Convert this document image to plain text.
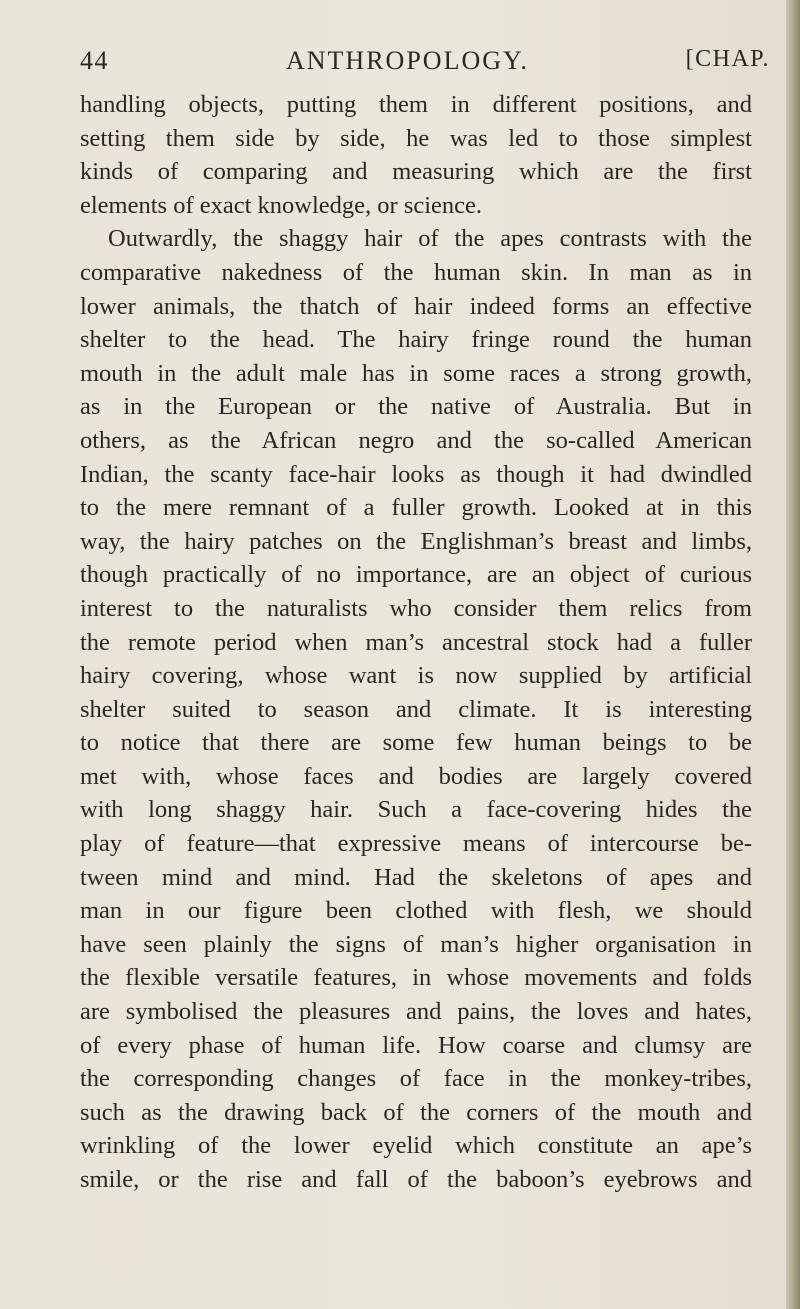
44	ANTHROPOLOGY.	[CHAP.
handling objects, putting them in different positions, and
setting them side by side, he was led to those simplest
kinds of comparing and measuring which are the first
elements of exact knowledge, or science.
Outwardly, the shaggy hair of the apes contrasts with the
comparative nakedness of the human skin. In man as in
lower animals, the thatch of hair indeed forms an effective
shelter to the head. The hairy fringe round the human
mouth in the adult male has in some races a strong growth,
as in the European or the native of Australia. But in
others, as the African negro and the so-called American
Indian, the scanty face-hair looks as though it had dwindled
to the mere remnant of a fuller growth. Looked at in this
way, the hairy patches on the Englishman’s breast and limbs,
though practically of no importance, are an object of curious
interest to the naturalists who consider them relics from
the remote period when man’s ancestral stock had a fuller
hairy covering, whose want is now supplied by artificial
shelter suited to season and climate. It is interesting
to notice that there are some few human beings to be
met with, whose faces and bodies are largely covered
with long shaggy hair. Such a face-covering hides the
play of feature—that expressive means of intercourse be-
tween mind and mind. Had the skeletons of apes and
man in our figure been clothed with flesh, we should
have seen plainly the signs of man’s higher organisation in
the flexible versatile features, in whose movements and folds
are symbolised the pleasures and pains, the loves and hates,
of every phase of human life. How coarse and clumsy are
the corresponding changes of face in the monkey-tribes,
such as the drawing back of the corners of the mouth and
wrinkling of the lower eyelid which constitute an ape’s
smile, or the rise and fall of the baboon’s eyebrows and
